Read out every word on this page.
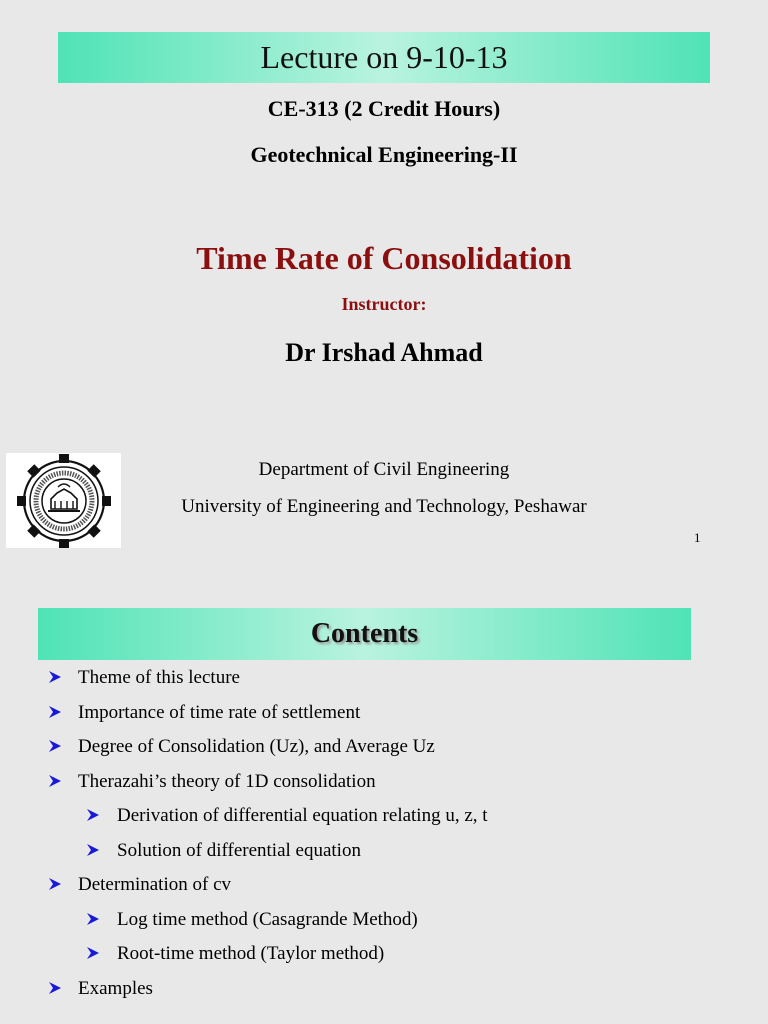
Lecture on 9-10-13
CE-313 (2 Credit Hours)
Geotechnical Engineering-II
Time Rate of Consolidation
Instructor:
Dr Irshad Ahmad
Department of Civil Engineering
University of Engineering and Technology, Peshawar
1
Contents
Theme of this lecture
Importance of time rate of settlement
Degree of Consolidation (Uz), and Average Uz
Therazahi’s theory of 1D consolidation
Derivation of differential equation relating u, z, t
Solution of differential equation
Determination of cv
Log time method (Casagrande Method)
Root-time method (Taylor method)
Examples
